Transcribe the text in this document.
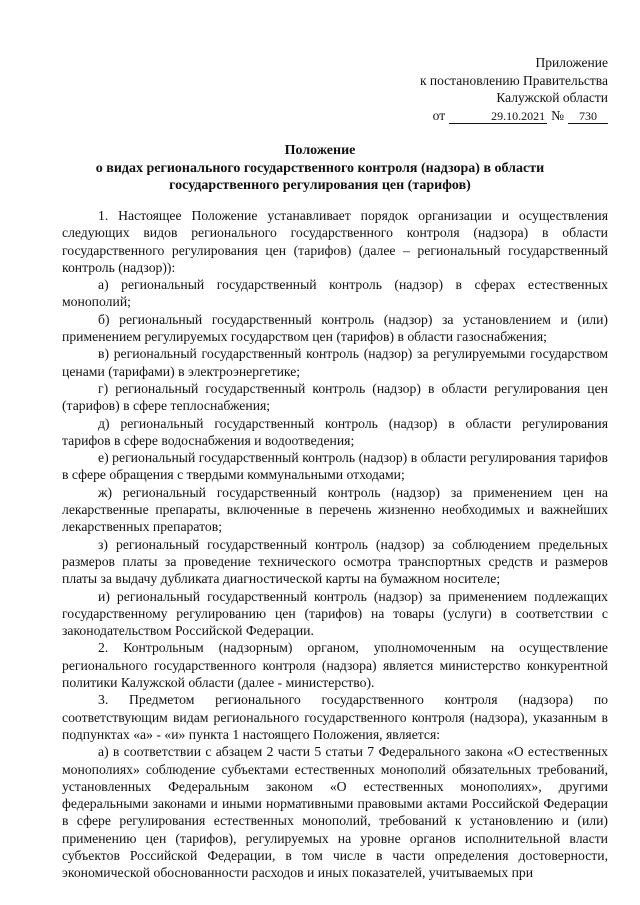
Приложение
к постановлению Правительства
Калужской области
от	29.10.2021 №	730
Положение
о видах регионального государственного контроля (надзора) в области
государственного регулирования цен (тарифов)

1. Настоящее Положение устанавливает порядок организации и осуществления следующих видов регионального государственного контроля (надзора) в области государственного регулирования цен (тарифов) (далее – региональный государственный контроль (надзор)):

а) региональный государственный контроль (надзор) в сферах естественных монополий;

б) региональный государственный контроль (надзор) за установлением и (или) применением регулируемых государством цен (тарифов) в области газоснабжения;

в) региональный государственный контроль (надзор) за регулируемыми государством ценами (тарифами) в электроэнергетике;

г) региональный государственный контроль (надзор) в области регулирования цен (тарифов) в сфере теплоснабжения;

д) региональный государственный контроль (надзор) в области регулирования тарифов в сфере водоснабжения и водоотведения;

е) региональный государственный контроль (надзор) в области регулирования тарифов в сфере обращения с твердыми коммунальными отходами;

ж) региональный государственный контроль (надзор) за применением цен на лекарственные препараты, включенные в перечень жизненно необходимых и важнейших лекарственных препаратов;

з) региональный государственный контроль (надзор) за соблюдением предельных размеров платы за проведение технического осмотра транспортных средств и размеров платы за выдачу дубликата диагностической карты на бумажном носителе;

и) региональный государственный контроль (надзор) за применением подлежащих государственному регулированию цен (тарифов) на товары (услуги) в соответствии с законодательством Российской Федерации.

2. Контрольным (надзорным) органом, уполномоченным на осуществление регионального государственного контроля (надзора) является министерство конкурентной политики Калужской области (далее - министерство).

3. Предметом регионального государственного контроля (надзора) по соответствующим видам регионального государственного контроля (надзора), указанным в подпунктах «а» - «и» пункта 1 настоящего Положения, является:

а) в соответствии с абзацем 2 части 5 статьи 7 Федерального закона «О естественных монополиях» соблюдение субъектами естественных монополий обязательных требований, установленных Федеральным законом «О естественных монополиях», другими федеральными законами и иными нормативными правовыми актами Российской Федерации в сфере регулирования естественных монополий, требований к установлению и (или) применению цен (тарифов), регулируемых на уровне органов исполнительной власти субъектов Российской Федерации, в том числе в части определения достоверности, экономической обоснованности расходов и иных показателей, учитываемых при
